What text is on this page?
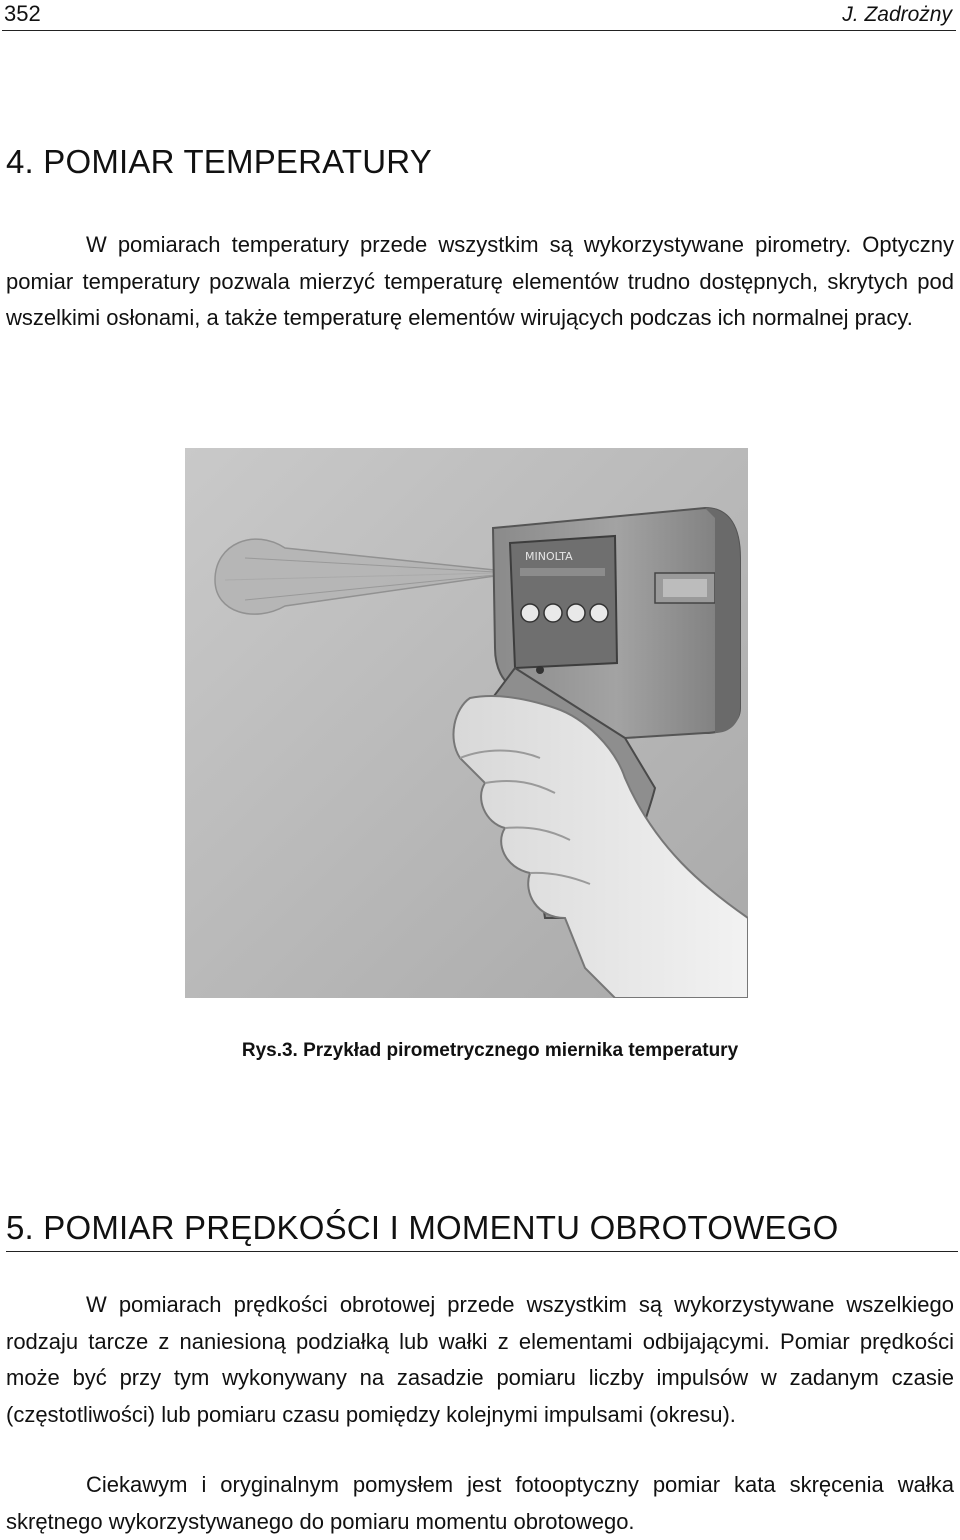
352	J. Zadrożny
4. POMIAR TEMPERATURY

W pomiarach temperatury przede wszystkim są wykorzystywane pirometry. Optyczny pomiar temperatury pozwala mierzyć temperaturę elementów trudno dostępnych, skrytych pod wszelkimi osłonami, a także temperaturę elementów wirujących podczas ich normalnej pracy.

MINOLTA
Rys.3. Przykład pirometrycznego miernika temperatury
5. POMIAR PRĘDKOŚCI I MOMENTU OBROTOWEGO

W pomiarach prędkości obrotowej przede wszystkim są wykorzystywane wszelkiego rodzaju tarcze z naniesioną podziałką lub wałki z elementami odbijającymi. Pomiar prędkości może być przy tym wykonywany na zasadzie pomiaru liczby impulsów w zadanym czasie (częstotliwości) lub pomiaru czasu pomiędzy kolejnymi impulsami (okresu).

Ciekawym i oryginalnym pomysłem jest fotooptyczny pomiar kata skręcenia wałka skrętnego wykorzystywanego do pomiaru momentu obrotowego.
